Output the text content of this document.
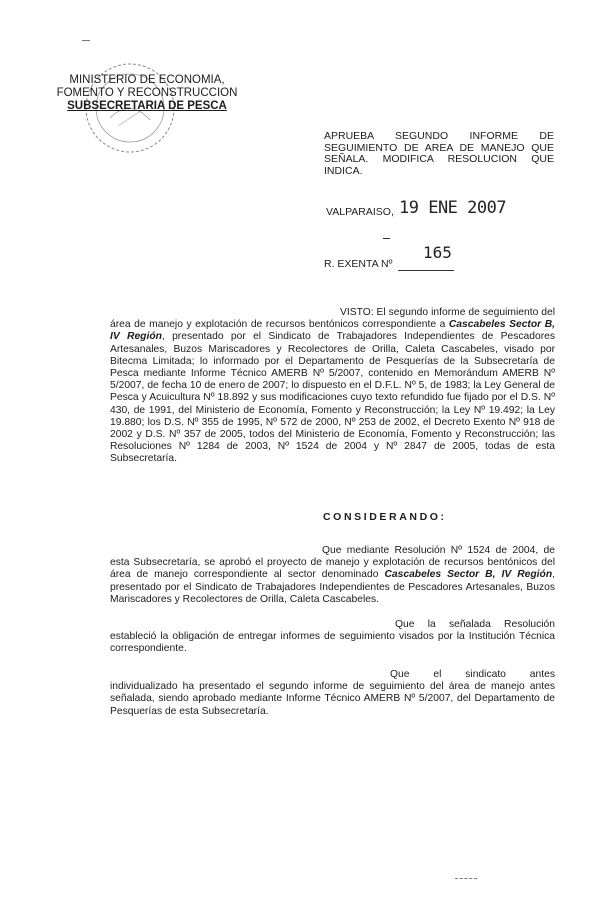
MINISTERIO DE ECONOMIA,
FOMENTO Y RECONSTRUCCION
SUBSECRETARIA DE PESCA
APRUEBA SEGUNDO INFORME DE SEGUIMIENTO DE AREA DE MANEJO QUE SEÑALA. MODIFICA RESOLUCION QUE INDICA.
VALPARAISO, 19 ENE 2007
R. EXENTA Nº
165
VISTO: El segundo informe de seguimiento del área de manejo y explotación de recursos bentónicos correspondiente a Cascabeles Sector B, IV Región, presentado por el Sindicato de Trabajadores Independientes de Pescadores Artesanales, Buzos Mariscadores y Recolectores de Orilla, Caleta Cascabeles, visado por Bitecma Limitada; lo informado por el Departamento de Pesquerías de la Subsecretaría de Pesca mediante Informe Técnico AMERB Nº 5/2007, contenido en Memorándum AMERB Nº 5/2007, de fecha 10 de enero de 2007; lo dispuesto en el D.F.L. Nº 5, de 1983; la Ley General de Pesca y Acuicultura Nº 18.892 y sus modificaciones cuyo texto refundido fue fijado por el D.S. Nº 430, de 1991, del Ministerio de Economía, Fomento y Reconstrucción; la Ley Nº 19.492; la Ley 19.880; los D.S. Nº 355 de 1995, Nº 572 de 2000, Nº 253 de 2002, el Decreto Exento Nº 918 de 2002 y D.S. Nº 357 de 2005, todos del Ministerio de Economía, Fomento y Reconstrucción; las Resoluciones Nº 1284 de 2003, Nº 1524 de 2004 y Nº 2847 de 2005, todas de esta Subsecretaría.
CONSIDERANDO:
Que mediante Resolución Nº 1524 de 2004, de esta Subsecretaría, se aprobó el proyecto de manejo y explotación de recursos bentónicos del área de manejo correspondiente al sector denominado Cascabeles Sector B, IV Región, presentado por el Sindicato de Trabajadores Independientes de Pescadores Artesanales, Buzos Mariscadores y Recolectores de Orilla, Caleta Cascabeles.
Que la señalada Resolución estableció la obligación de entregar informes de seguimiento visados por la Institución Técnica correspondiente.
Que el sindicato antes individualizado ha presentado el segundo informe de seguimiento del área de manejo antes señalada, siendo aprobado mediante Informe Técnico AMERB Nº 5/2007, del Departamento de Pesquerías de esta Subsecretaría.
